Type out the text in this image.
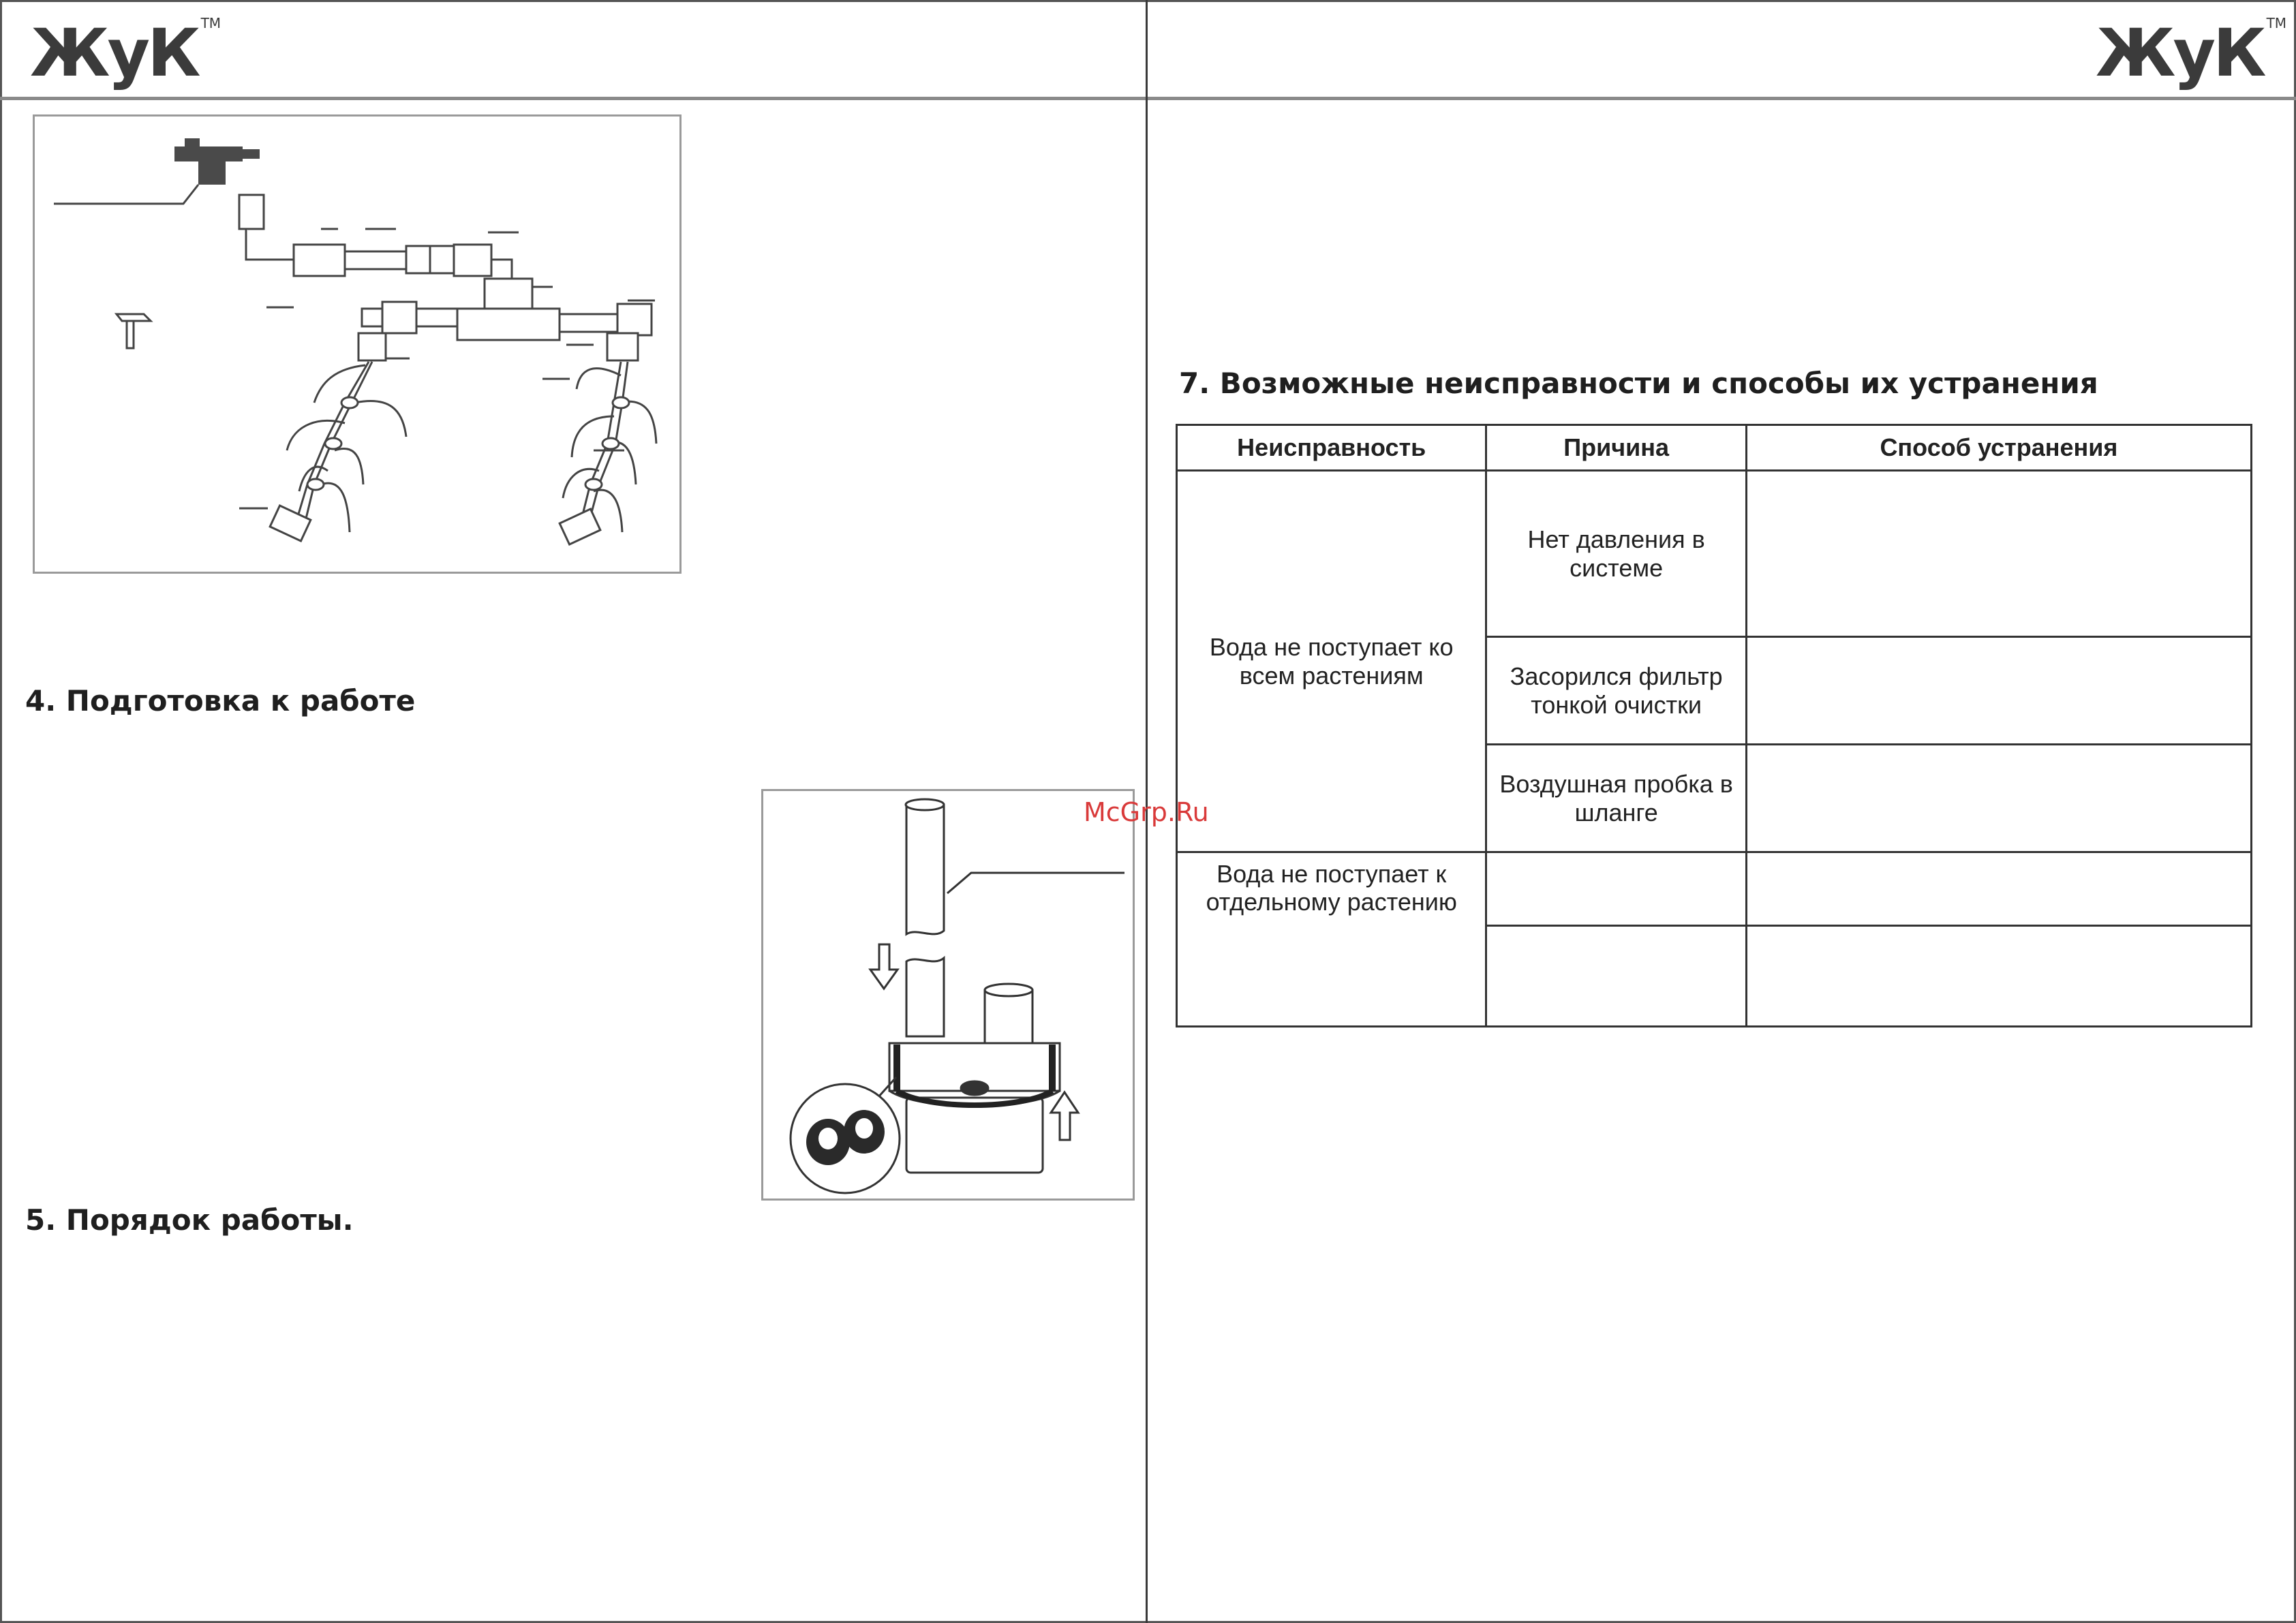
ЖуК ™	ЖуК ™
4. Подготовка к работе
5. Порядок работы.
McGrp.Ru
7. Возможные неисправности и способы их устранения
Неисправность	Причина	Способ устранения
Вода не поступает ко всем растениям	Нет давления в системе	
	Засорился фильтр тонкой очистки	
	Воздушная пробка в шланге	
Вода не поступает к отдельному растению		
